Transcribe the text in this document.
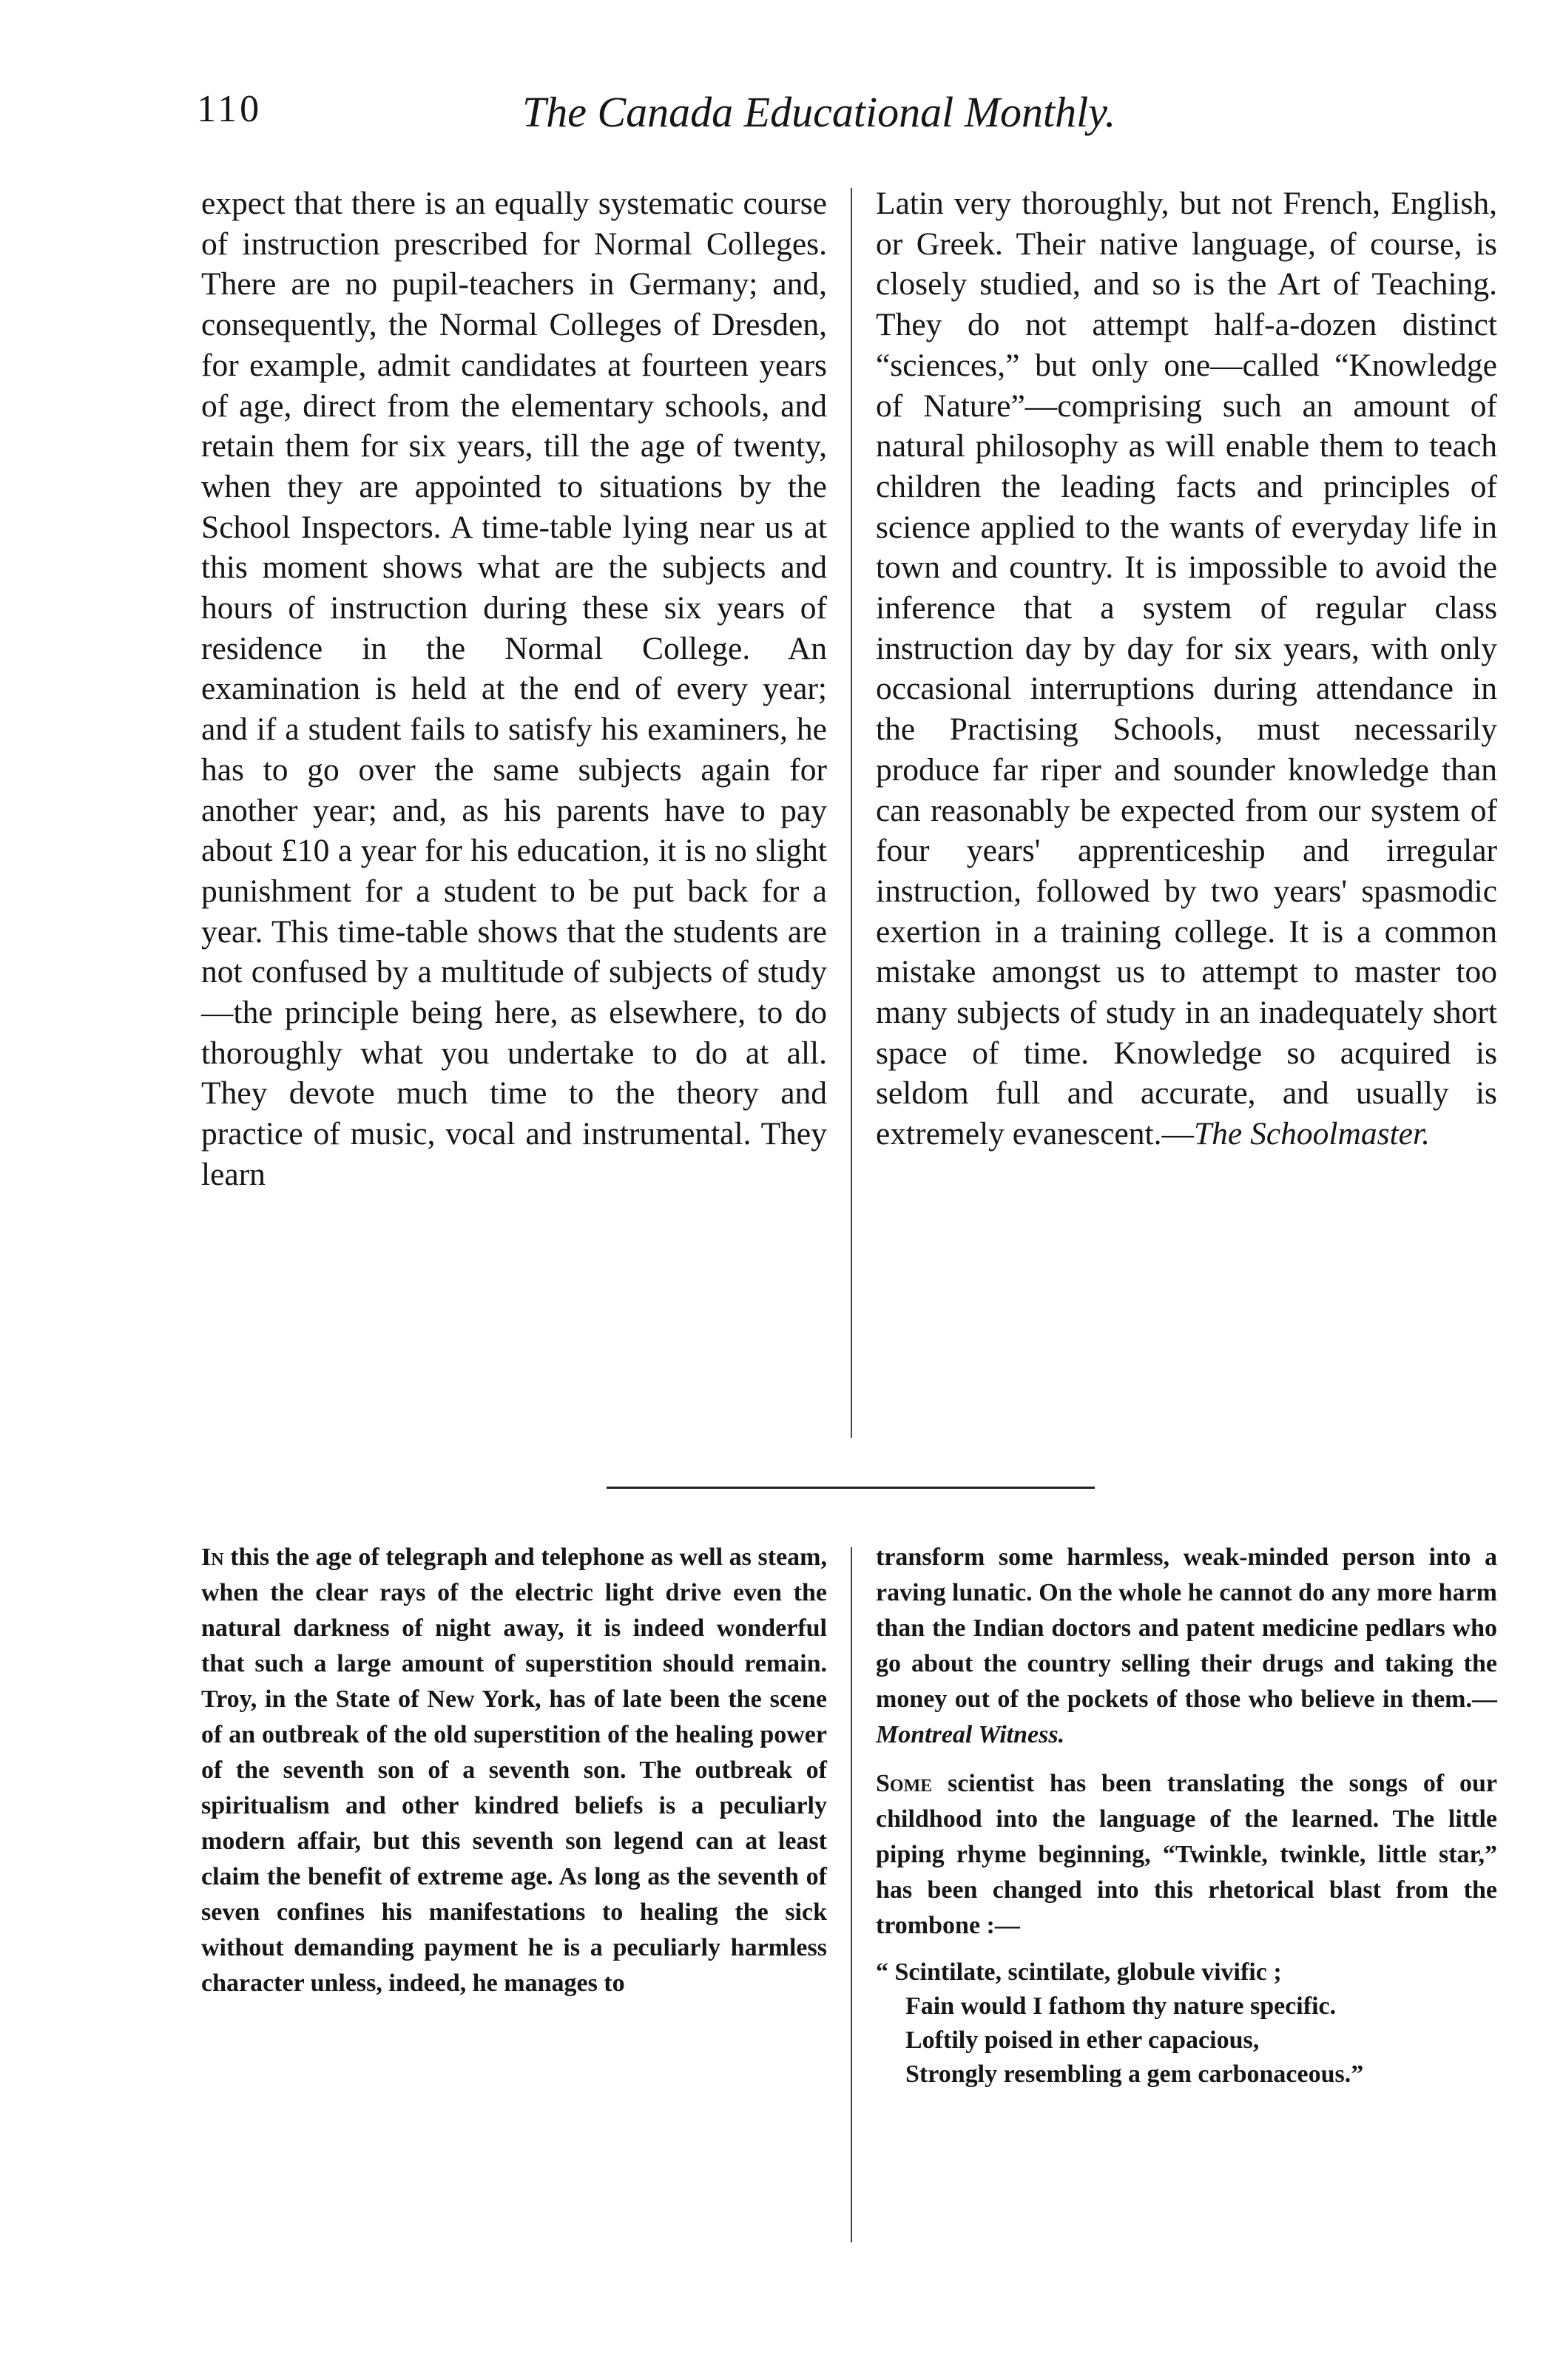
110	The Canada Educational Monthly.

expect that there is an equally systematic course of instruction prescribed for Normal Colleges. There are no pupil-teachers in Germany; and, consequently, the Normal Colleges of Dresden, for example, admit candidates at fourteen years of age, direct from the elementary schools, and retain them for six years, till the age of twenty, when they are appointed to situations by the School Inspectors. A time-table lying near us at this moment shows what are the subjects and hours of instruction during these six years of residence in the Normal College. An examination is held at the end of every year; and if a student fails to satisfy his examiners, he has to go over the same subjects again for another year; and, as his parents have to pay about £10 a year for his education, it is no slight punishment for a student to be put back for a year. This time-table shows that the students are not confused by a multitude of subjects of study—the principle being here, as elsewhere, to do thoroughly what you undertake to do at all. They devote much time to the theory and practice of music, vocal and instrumental. They learn

Latin very thoroughly, but not French, English, or Greek. Their native language, of course, is closely studied, and so is the Art of Teaching. They do not attempt half-a-dozen distinct “sciences,” but only one—called “Knowledge of Nature”—comprising such an amount of natural philosophy as will enable them to teach children the leading facts and principles of science applied to the wants of everyday life in town and country. It is impossible to avoid the inference that a system of regular class instruction day by day for six years, with only occasional interruptions during attendance in the Practising Schools, must necessarily produce far riper and sounder knowledge than can reasonably be expected from our system of four years' apprenticeship and irregular instruction, followed by two years' spasmodic exertion in a training college. It is a common mistake amongst us to attempt to master too many subjects of study in an inadequately short space of time. Knowledge so acquired is seldom full and accurate, and usually is extremely evanescent.—The Schoolmaster.

In this the age of telegraph and telephone as well as steam, when the clear rays of the electric light drive even the natural darkness of night away, it is indeed wonderful that such a large amount of superstition should remain. Troy, in the State of New York, has of late been the scene of an outbreak of the old superstition of the healing power of the seventh son of a seventh son. The outbreak of spiritualism and other kindred beliefs is a peculiarly modern affair, but this seventh son legend can at least claim the benefit of extreme age. As long as the seventh of seven confines his manifestations to healing the sick without demanding payment he is a peculiarly harmless character unless, indeed, he manages to

transform some harmless, weak-minded person into a raving lunatic. On the whole he cannot do any more harm than the Indian doctors and patent medicine pedlars who go about the country selling their drugs and taking the money out of the pockets of those who believe in them.—Montreal Witness.

Some scientist has been translating the songs of our childhood into the language of the learned. The little piping rhyme beginning, “Twinkle, twinkle, little star,” has been changed into this rhetorical blast from the trombone :—

“ Scintilate, scintilate, globule vivific ;
Fain would I fathom thy nature specific.
Loftily poised in ether capacious,
Strongly resembling a gem carbonaceous.”
